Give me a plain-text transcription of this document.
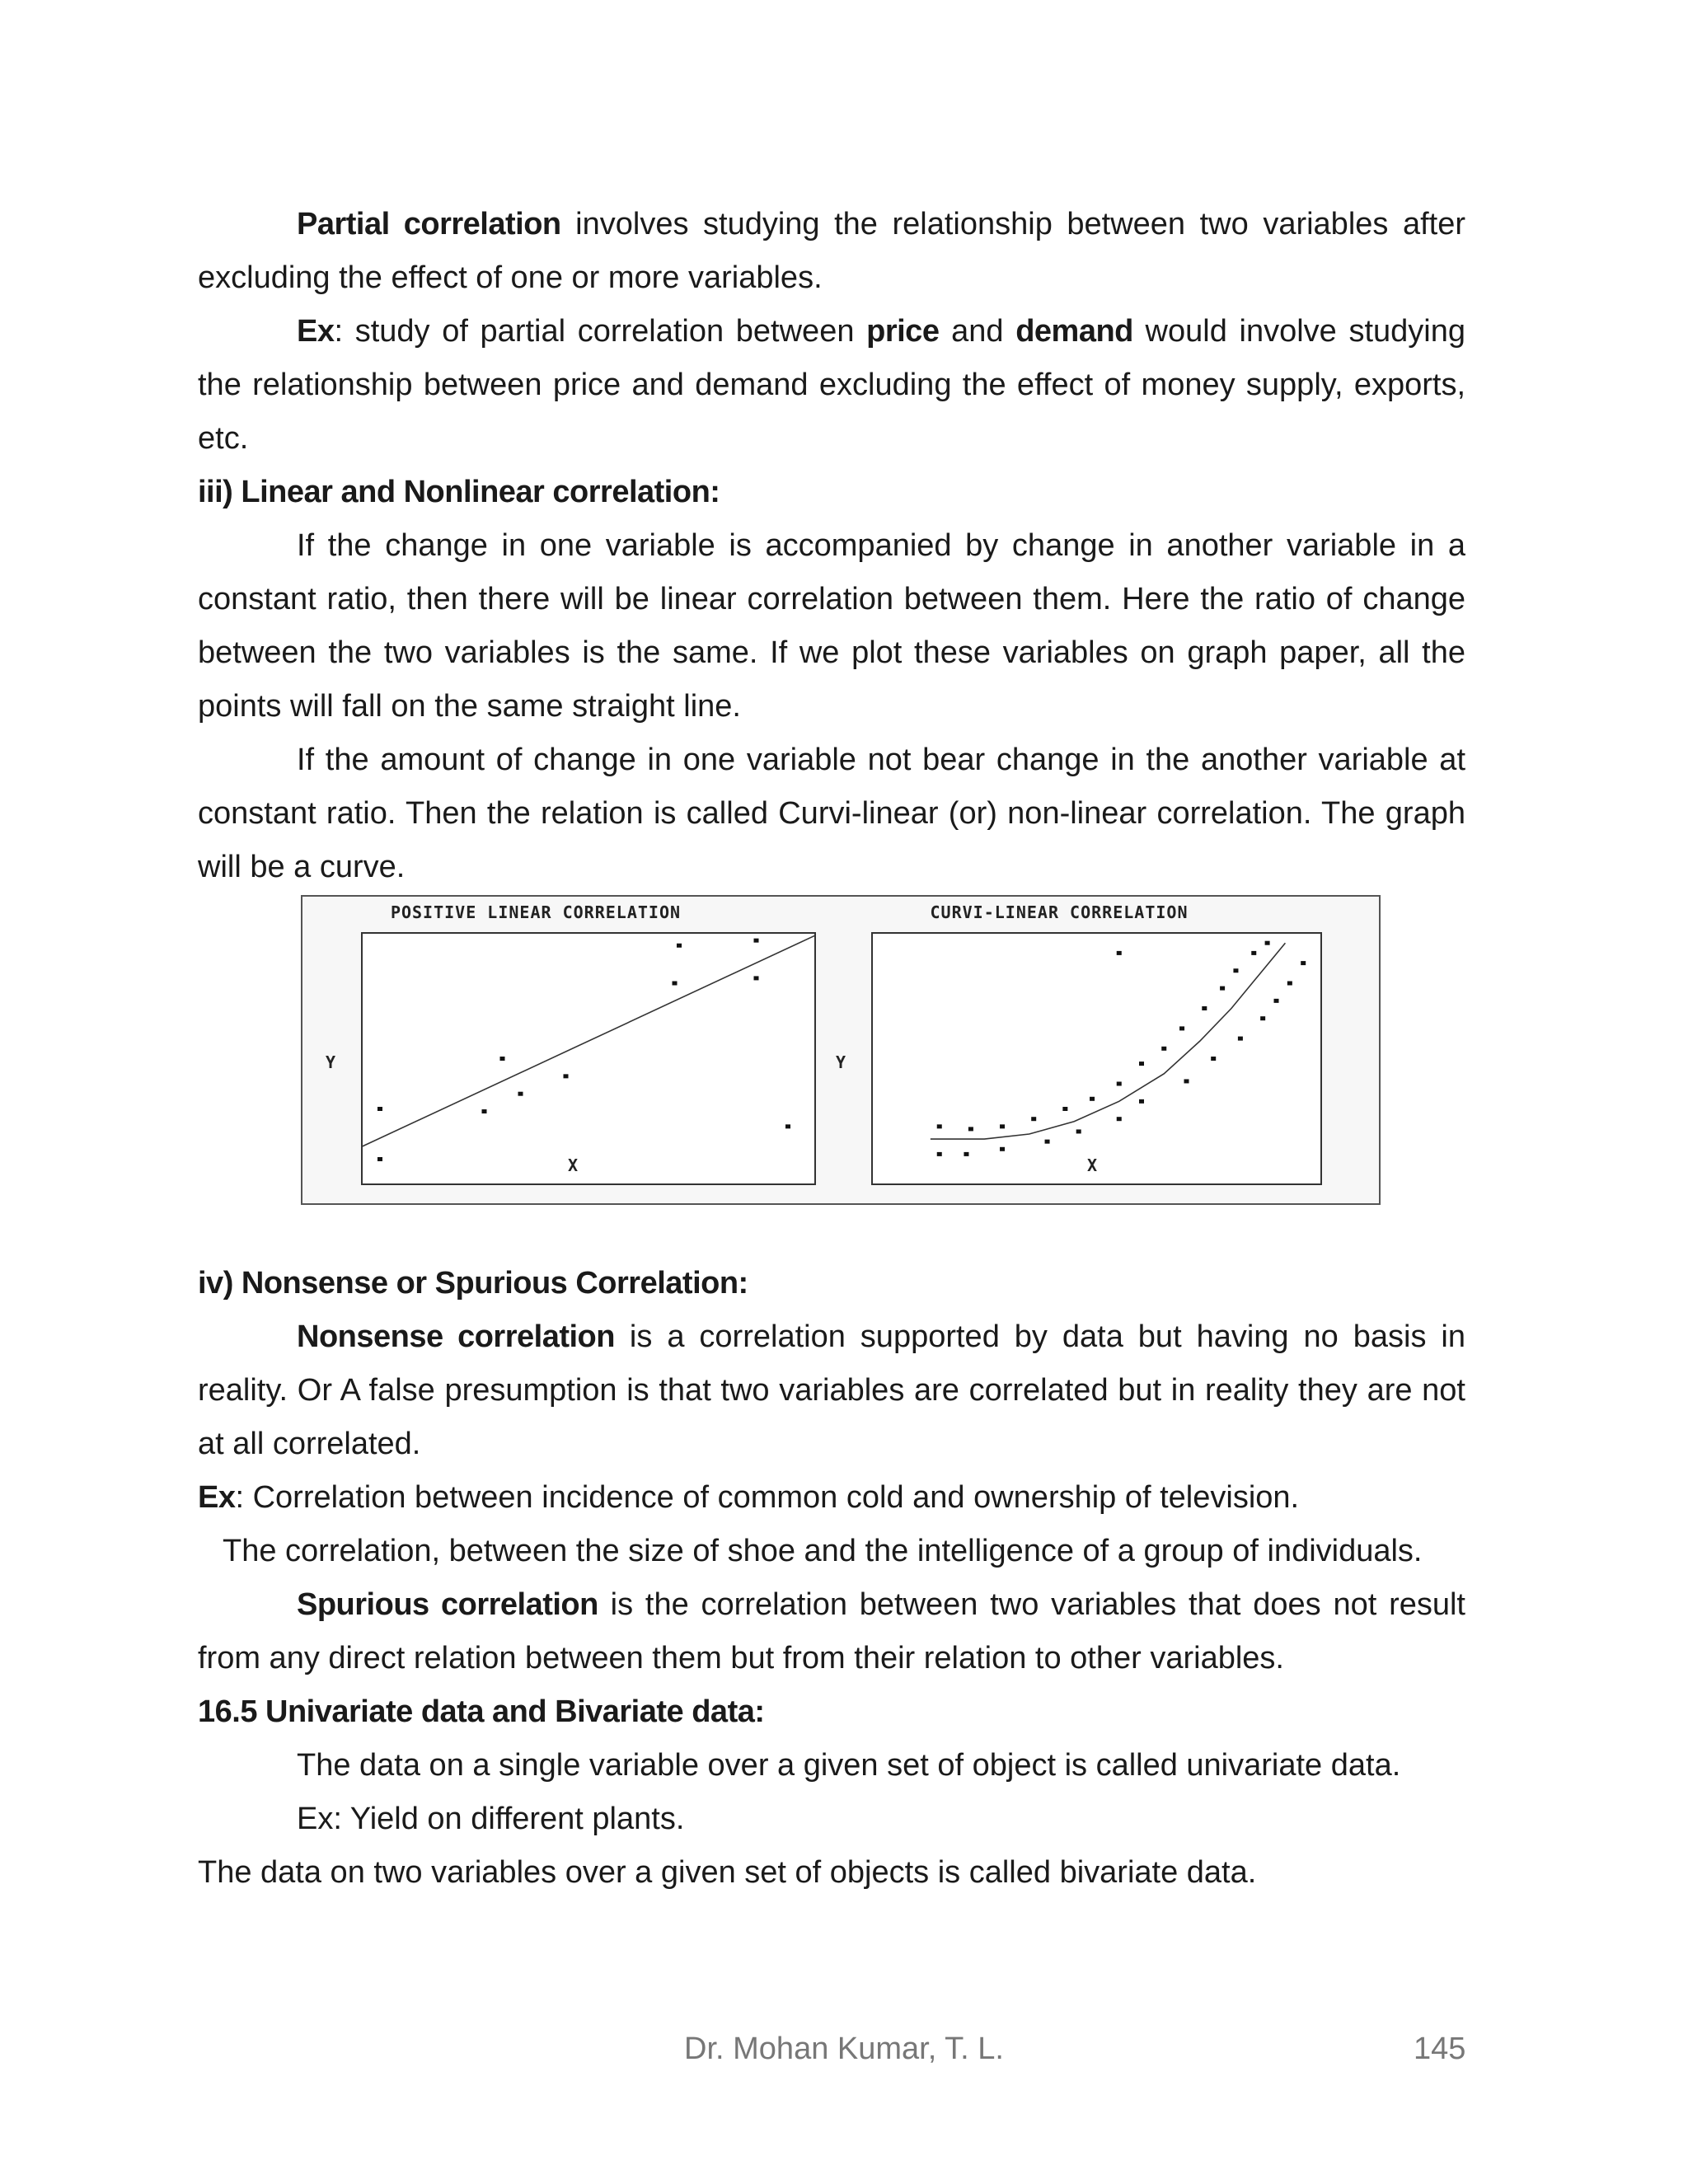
Partial correlation involves studying the relationship between two variables after excluding the effect of one or more variables.

Ex: study of partial correlation between price and demand would involve studying the relationship between price and demand excluding the effect of money supply, exports, etc.

iii) Linear and Nonlinear correlation:

If the change in one variable is accompanied by change in another variable in a constant ratio, then there will be linear correlation between them. Here the ratio of change between the two variables is the same. If we plot these variables on graph paper, all the points will fall on the same straight line.

If the amount of change in one variable not bear change in the another variable at constant ratio. Then the relation is called Curvi-linear (or) non-linear correlation. The graph will be a curve.

iv) Nonsense or Spurious Correlation:

Nonsense correlation is a correlation supported by data but having no basis in reality. Or A false presumption is that two variables are correlated but in reality they are not at all correlated.

Ex: Correlation between incidence of common cold and ownership of television.

The correlation, between the size of shoe and the intelligence of a group of individuals.

Spurious correlation is the correlation between two variables that does not result from any direct relation between them but from their relation to other variables.

16.5 Univariate data and Bivariate data:

The data on a single variable over a given set of object is called univariate data.

Ex: Yield on different plants.

The data on two variables over a given set of objects is called bivariate data.

POSITIVE LINEAR CORRELATION	CURVI-LINEAR CORRELATION
Y
X
Y
X
Dr. Mohan Kumar, T. L.	145
